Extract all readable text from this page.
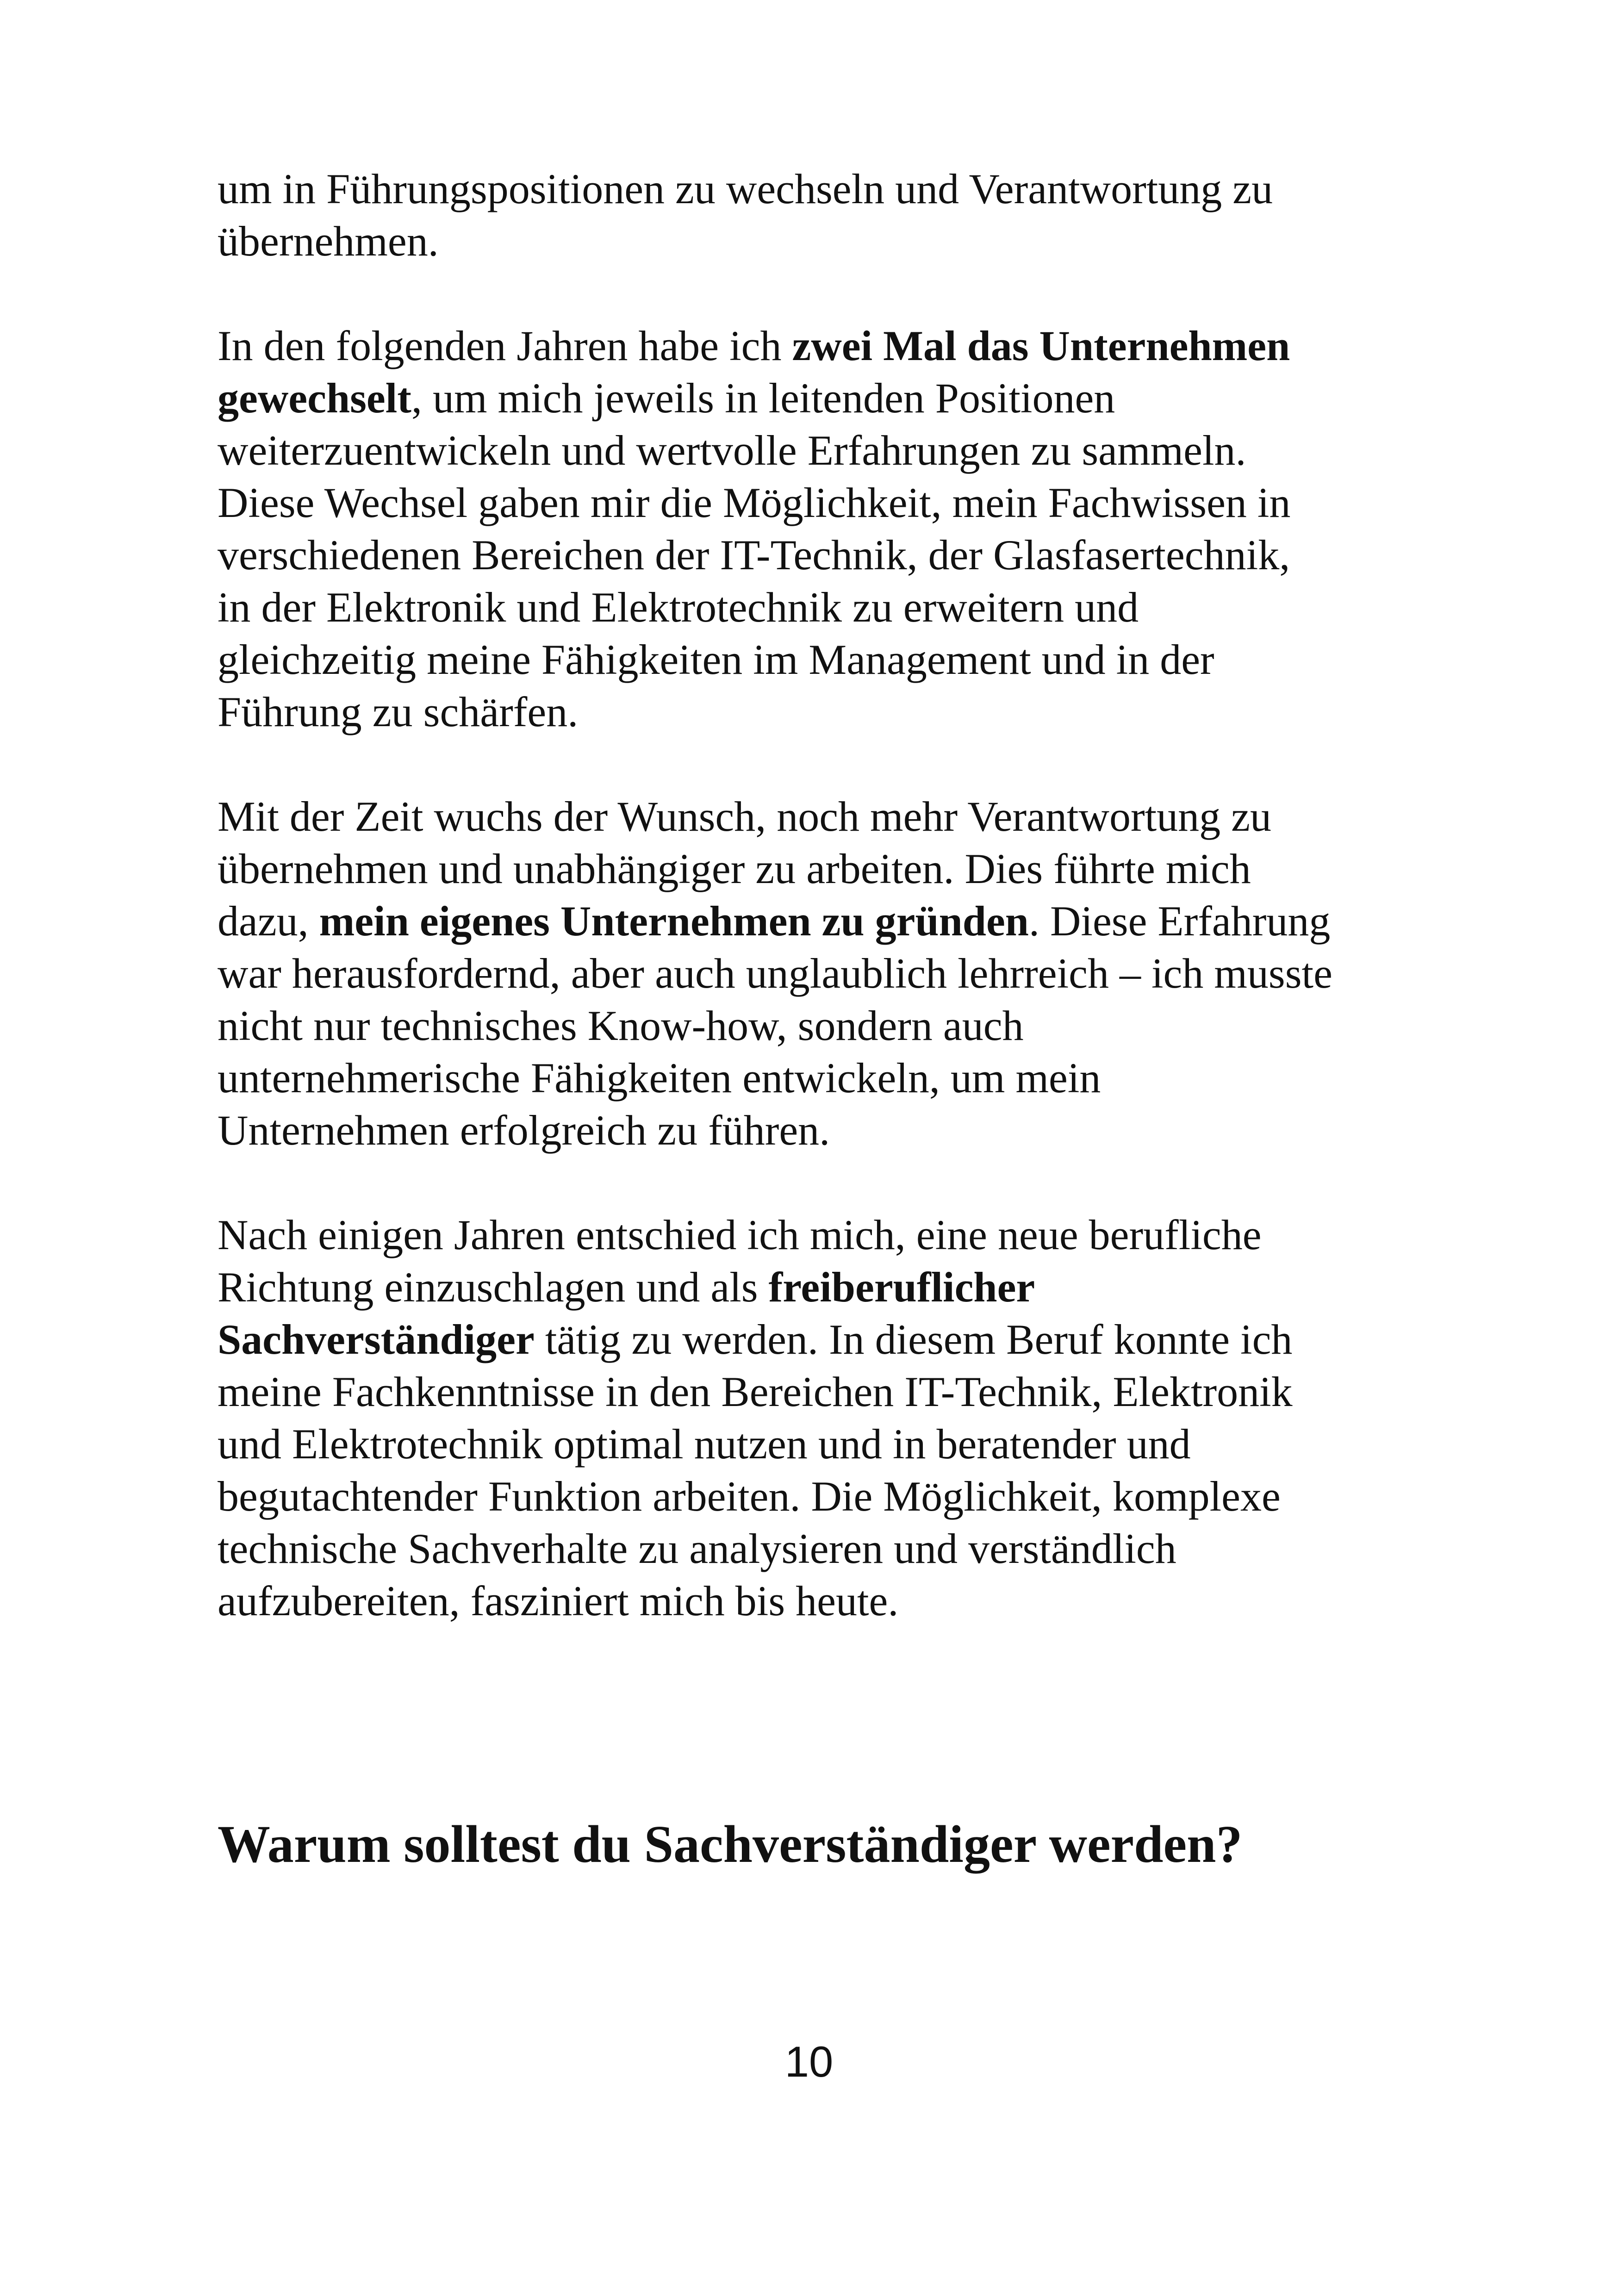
um in Führungspositionen zu wechseln und Verantwortung zu
übernehmen.

In den folgenden Jahren habe ich zwei Mal das Unternehmen
gewechselt, um mich jeweils in leitenden Positionen
weiterzuentwickeln und wertvolle Erfahrungen zu sammeln.
Diese Wechsel gaben mir die Möglichkeit, mein Fachwissen in
verschiedenen Bereichen der IT-Technik, der Glasfasertechnik,
in der Elektronik und Elektrotechnik zu erweitern und
gleichzeitig meine Fähigkeiten im Management und in der
Führung zu schärfen.

Mit der Zeit wuchs der Wunsch, noch mehr Verantwortung zu
übernehmen und unabhängiger zu arbeiten. Dies führte mich
dazu, mein eigenes Unternehmen zu gründen. Diese Erfahrung
war herausfordernd, aber auch unglaublich lehrreich – ich musste
nicht nur technisches Know-how, sondern auch
unternehmerische Fähigkeiten entwickeln, um mein
Unternehmen erfolgreich zu führen.

Nach einigen Jahren entschied ich mich, eine neue berufliche
Richtung einzuschlagen und als freiberuflicher
Sachverständiger tätig zu werden. In diesem Beruf konnte ich
meine Fachkenntnisse in den Bereichen IT-Technik, Elektronik
und Elektrotechnik optimal nutzen und in beratender und
begutachtender Funktion arbeiten. Die Möglichkeit, komplexe
technische Sachverhalte zu analysieren und verständlich
aufzubereiten, fasziniert mich bis heute.

Warum solltest du Sachverständiger werden?
10
